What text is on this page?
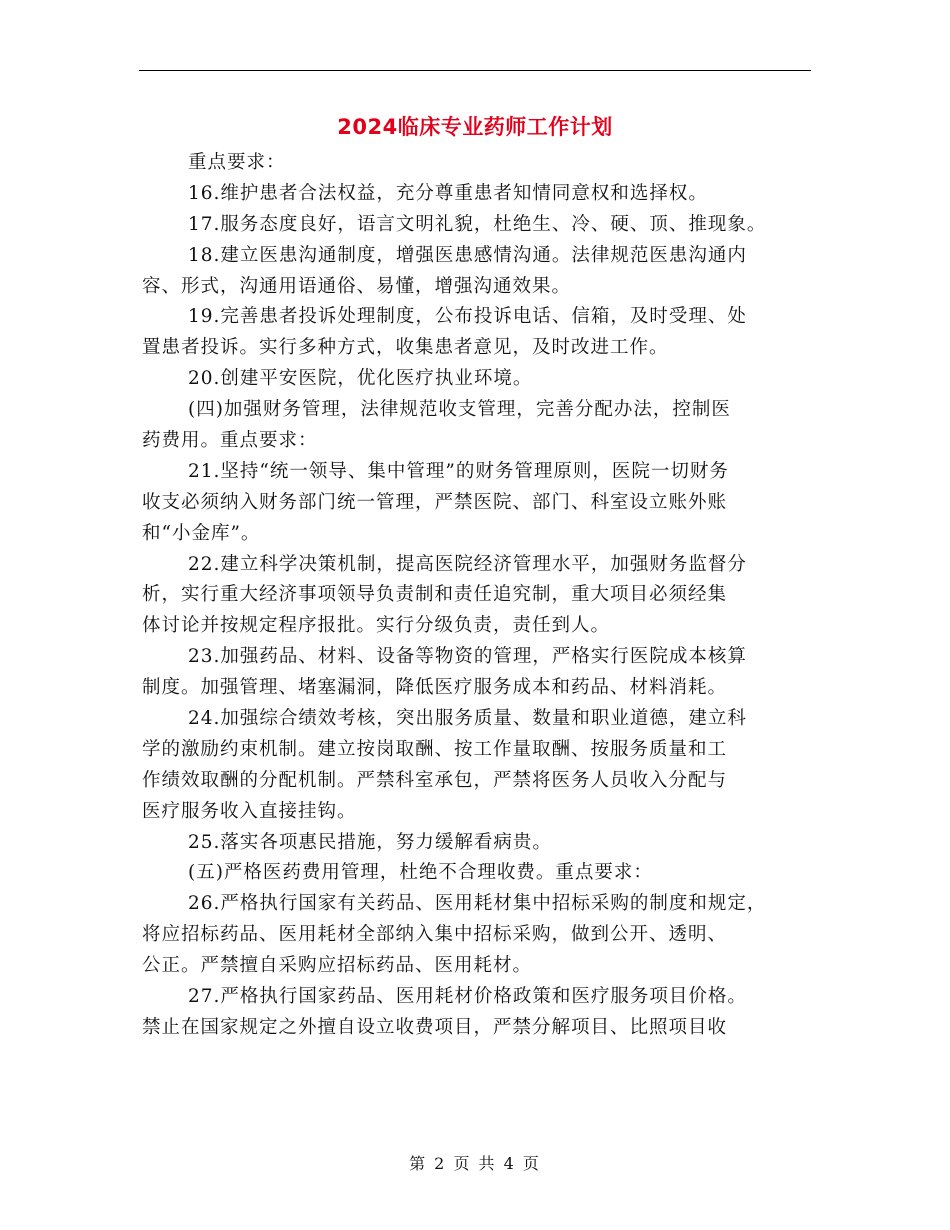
2024临床专业药师工作计划
重点要求：
16.维护患者合法权益，充分尊重患者知情同意权和选择权。
17.服务态度良好，语言文明礼貌，杜绝生、冷、硬、顶、推现象。
18.建立医患沟通制度，增强医患感情沟通。法律规范医患沟通内
容、形式，沟通用语通俗、易懂，增强沟通效果。
19.完善患者投诉处理制度，公布投诉电话、信箱，及时受理、处
置患者投诉。实行多种方式，收集患者意见，及时改进工作。
20.创建平安医院，优化医疗执业环境。
(四)加强财务管理，法律规范收支管理，完善分配办法，控制医
药费用。重点要求：
21.坚持“统一领导、集中管理”的财务管理原则，医院一切财务
收支必须纳入财务部门统一管理，严禁医院、部门、科室设立账外账
和“小金库”。
22.建立科学决策机制，提高医院经济管理水平，加强财务监督分
析，实行重大经济事项领导负责制和责任追究制，重大项目必须经集
体讨论并按规定程序报批。实行分级负责，责任到人。
23.加强药品、材料、设备等物资的管理，严格实行医院成本核算
制度。加强管理、堵塞漏洞，降低医疗服务成本和药品、材料消耗。
24.加强综合绩效考核，突出服务质量、数量和职业道德，建立科
学的激励约束机制。建立按岗取酬、按工作量取酬、按服务质量和工
作绩效取酬的分配机制。严禁科室承包，严禁将医务人员收入分配与
医疗服务收入直接挂钩。
25.落实各项惠民措施，努力缓解看病贵。
(五)严格医药费用管理，杜绝不合理收费。重点要求：
26.严格执行国家有关药品、医用耗材集中招标采购的制度和规定，
将应招标药品、医用耗材全部纳入集中招标采购，做到公开、透明、
公正。严禁擅自采购应招标药品、医用耗材。
27.严格执行国家药品、医用耗材价格政策和医疗服务项目价格。
禁止在国家规定之外擅自设立收费项目，严禁分解项目、比照项目收
第 2 页 共 4 页
